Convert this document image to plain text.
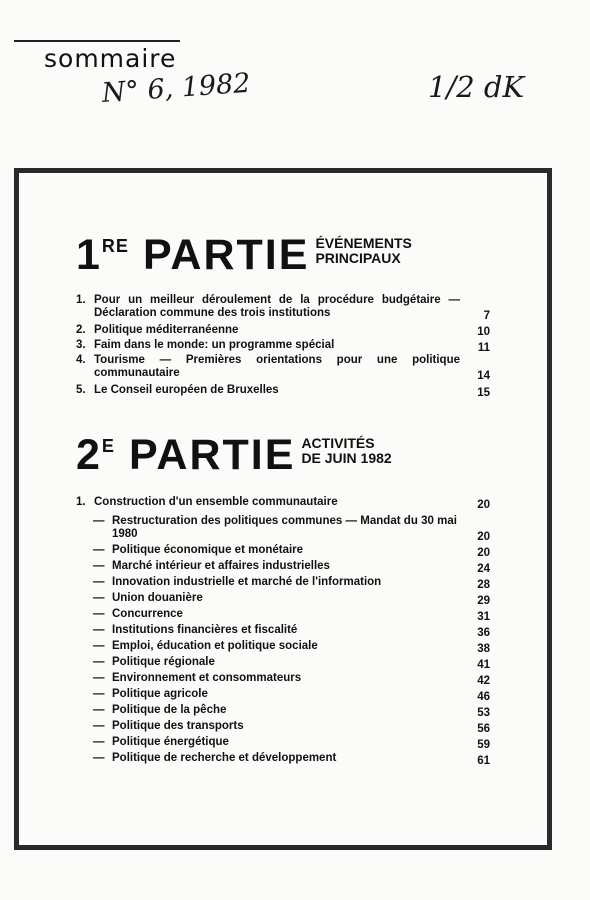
sommaire
N° 6, 1982	1/2 dK
1 RE PARTIE ÉVÉNEMENTS
PRINCIPAUX
1. Pour un meilleur déroulement de la procédure budgétaire — Déclaration commune des trois institutions	7
2. Politique méditerranéenne	10
3. Faim dans le monde: un programme spécial	11
4. Tourisme — Premières orientations pour une politique communautaire	14
5. Le Conseil européen de Bruxelles	15
2 E PARTIE ACTIVITÉS
DE JUIN 1982
1. Construction d'un ensemble communautaire	20
— Restructuration des politiques communes — Mandat du 30 mai 1980	20
— Politique économique et monétaire	20
— Marché intérieur et affaires industrielles	24
— Innovation industrielle et marché de l'information	28
— Union douanière	29
— Concurrence	31
— Institutions financières et fiscalité	36
— Emploi, éducation et politique sociale	38
— Politique régionale	41
— Environnement et consommateurs	42
— Politique agricole	46
— Politique de la pêche	53
— Politique des transports	56
— Politique énergétique	59
— Politique de recherche et développement	61
